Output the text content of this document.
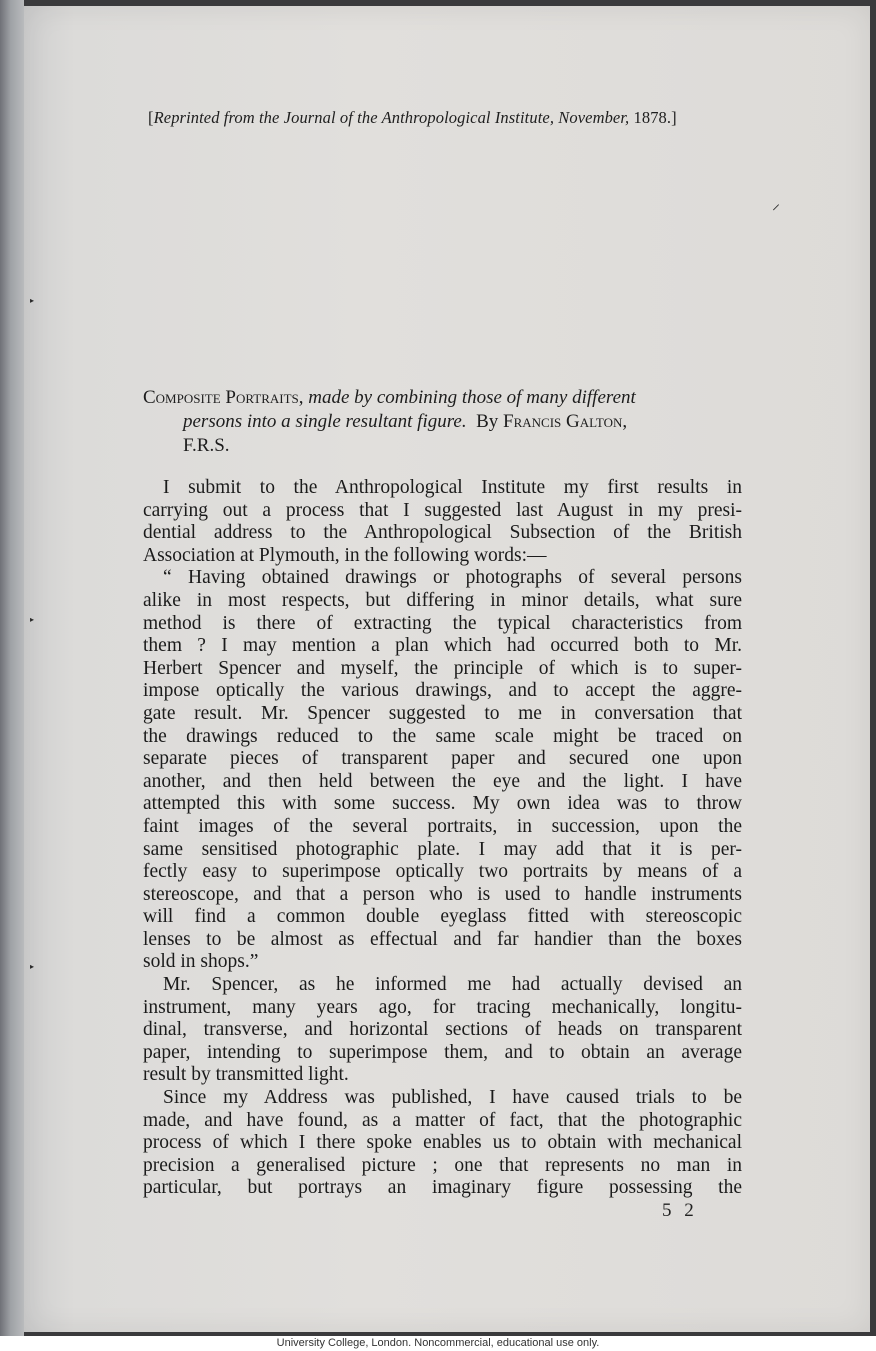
[Reprinted from the Journal of the Anthropological Institute, November, 1878.]
Composite Portraits, made by combining those of many different
persons into a single resultant figure. By Francis Galton,
F.R.S.
I submit to the Anthropological Institute my first results in
carrying out a process that I suggested last August in my presi-
dential address to the Anthropological Subsection of the British
Association at Plymouth, in the following words:—
“ Having obtained drawings or photographs of several persons
alike in most respects, but differing in minor details, what sure
method is there of extracting the typical characteristics from
them ? I may mention a plan which had occurred both to Mr.
Herbert Spencer and myself, the principle of which is to super-
impose optically the various drawings, and to accept the aggre-
gate result. Mr. Spencer suggested to me in conversation that
the drawings reduced to the same scale might be traced on
separate pieces of transparent paper and secured one upon
another, and then held between the eye and the light. I have
attempted this with some success. My own idea was to throw
faint images of the several portraits, in succession, upon the
same sensitised photographic plate. I may add that it is per-
fectly easy to superimpose optically two portraits by means of a
stereoscope, and that a person who is used to handle instruments
will find a common double eyeglass fitted with stereoscopic
lenses to be almost as effectual and far handier than the boxes
sold in shops.”
Mr. Spencer, as he informed me had actually devised an
instrument, many years ago, for tracing mechanically, longitu-
dinal, transverse, and horizontal sections of heads on transparent
paper, intending to superimpose them, and to obtain an average
result by transmitted light.
Since my Address was published, I have caused trials to be
made, and have found, as a matter of fact, that the photographic
process of which I there spoke enables us to obtain with mechanical
precision a generalised picture ; one that represents no man in
particular, but portrays an imaginary figure possessing the
5 2
⸝
▸
▸
▸
University College, London. Noncommercial, educational use only.
